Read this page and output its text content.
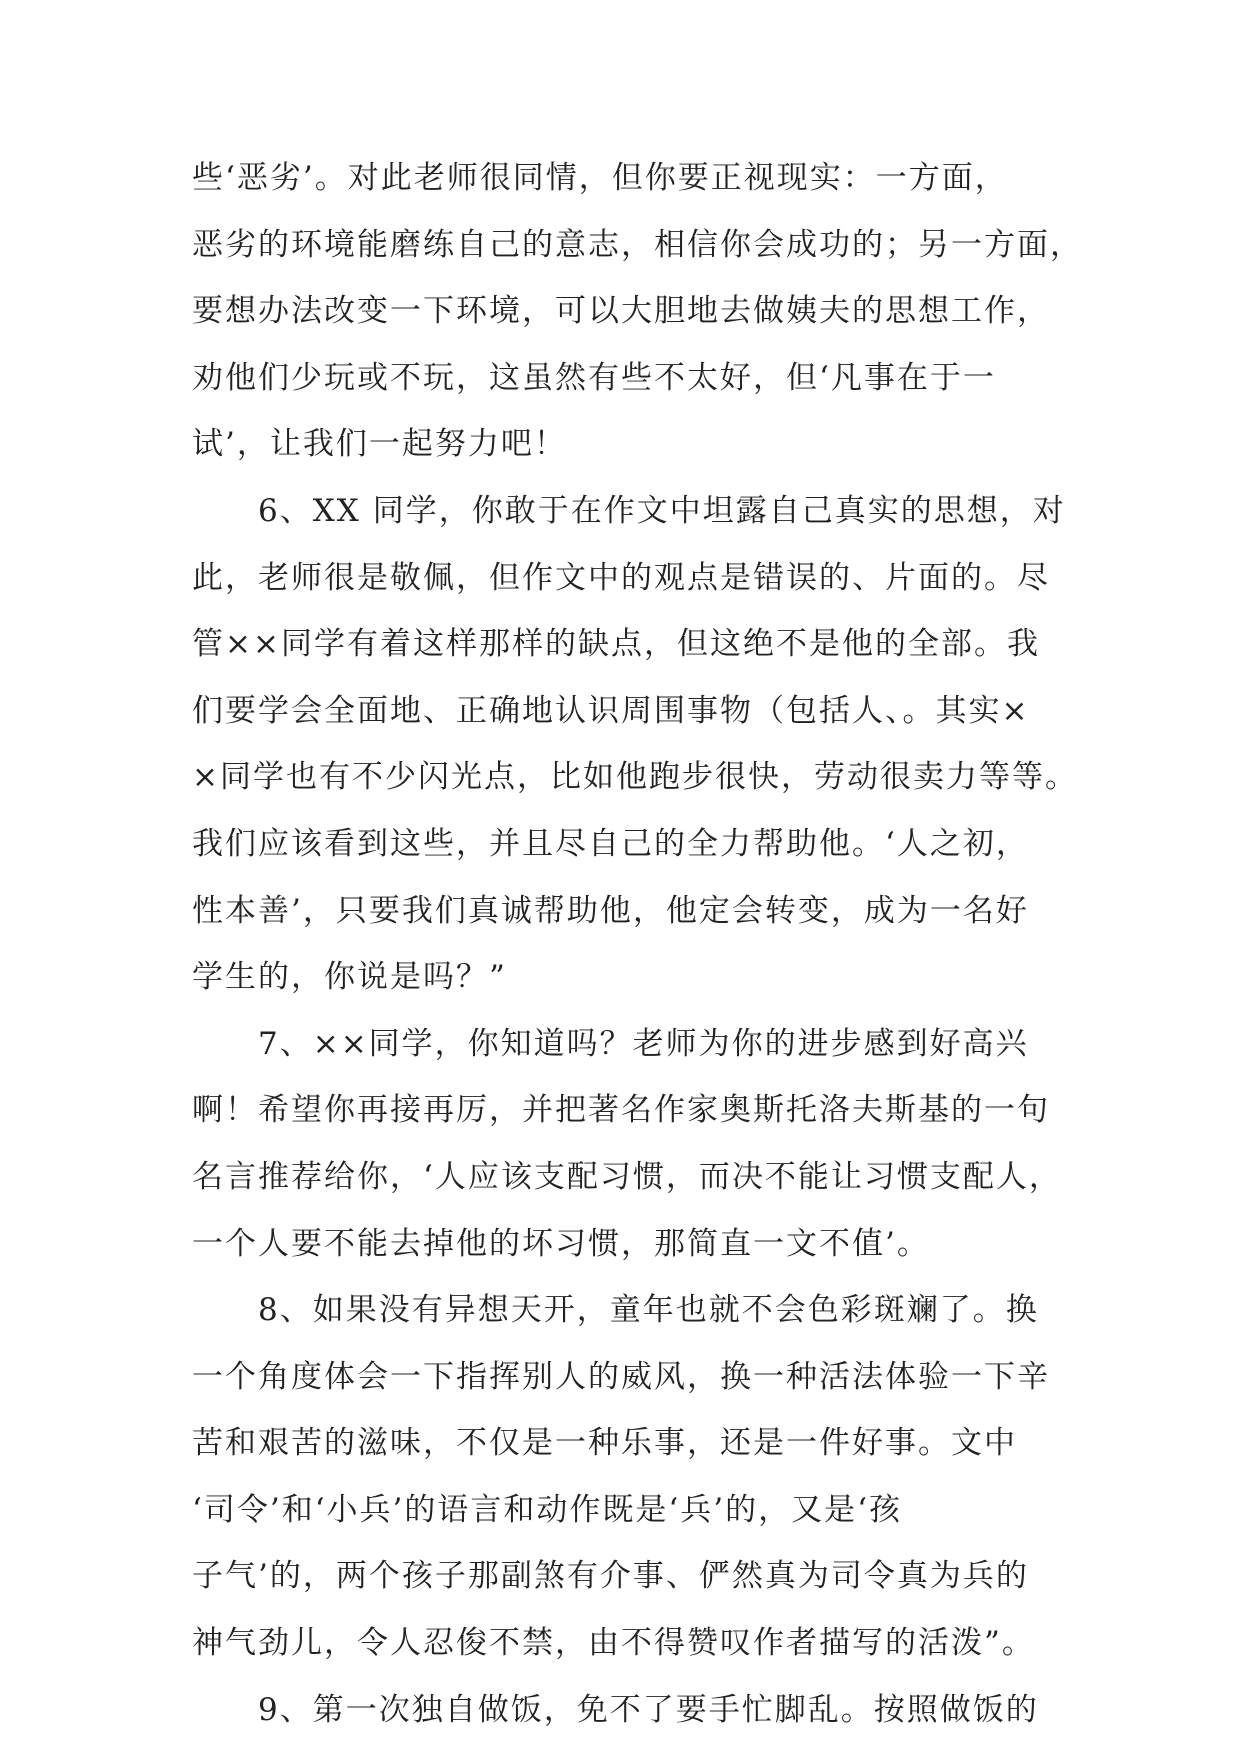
些‘恶劣’。对此老师很同情，但你要正视现实：一方面，
恶劣的环境能磨练自己的意志，相信你会成功的；另一方面，
要想办法改变一下环境，可以大胆地去做姨夫的思想工作，
劝他们少玩或不玩，这虽然有些不太好，但‘凡事在于一
试’，让我们一起努力吧！
　　6、XX 同学，你敢于在作文中坦露自己真实的思想，对
此，老师很是敬佩，但作文中的观点是错误的、片面的。尽
管××同学有着这样那样的缺点，但这绝不是他的全部。我
们要学会全面地、正确地认识周围事物（包括人、。其实×
×同学也有不少闪光点，比如他跑步很快，劳动很卖力等等。
我们应该看到这些，并且尽自己的全力帮助他。‘人之初，
性本善’，只要我们真诚帮助他，他定会转变，成为一名好
学生的，你说是吗？”
　　7、××同学，你知道吗？老师为你的进步感到好高兴
啊！希望你再接再厉，并把著名作家奥斯托洛夫斯基的一句
名言推荐给你，‘人应该支配习惯，而决不能让习惯支配人，
一个人要不能去掉他的坏习惯，那简直一文不值’。
　　8、如果没有异想天开，童年也就不会色彩斑斓了。换
一个角度体会一下指挥别人的威风，换一种活法体验一下辛
苦和艰苦的滋味，不仅是一种乐事，还是一件好事。文中
‘司令’和‘小兵’的语言和动作既是‘兵’的，又是‘孩
子气’的，两个孩子那副煞有介事、俨然真为司令真为兵的
神气劲儿，令人忍俊不禁，由不得赞叹作者描写的活泼”。
　　9、第一次独自做饭，免不了要手忙脚乱。按照做饭的
